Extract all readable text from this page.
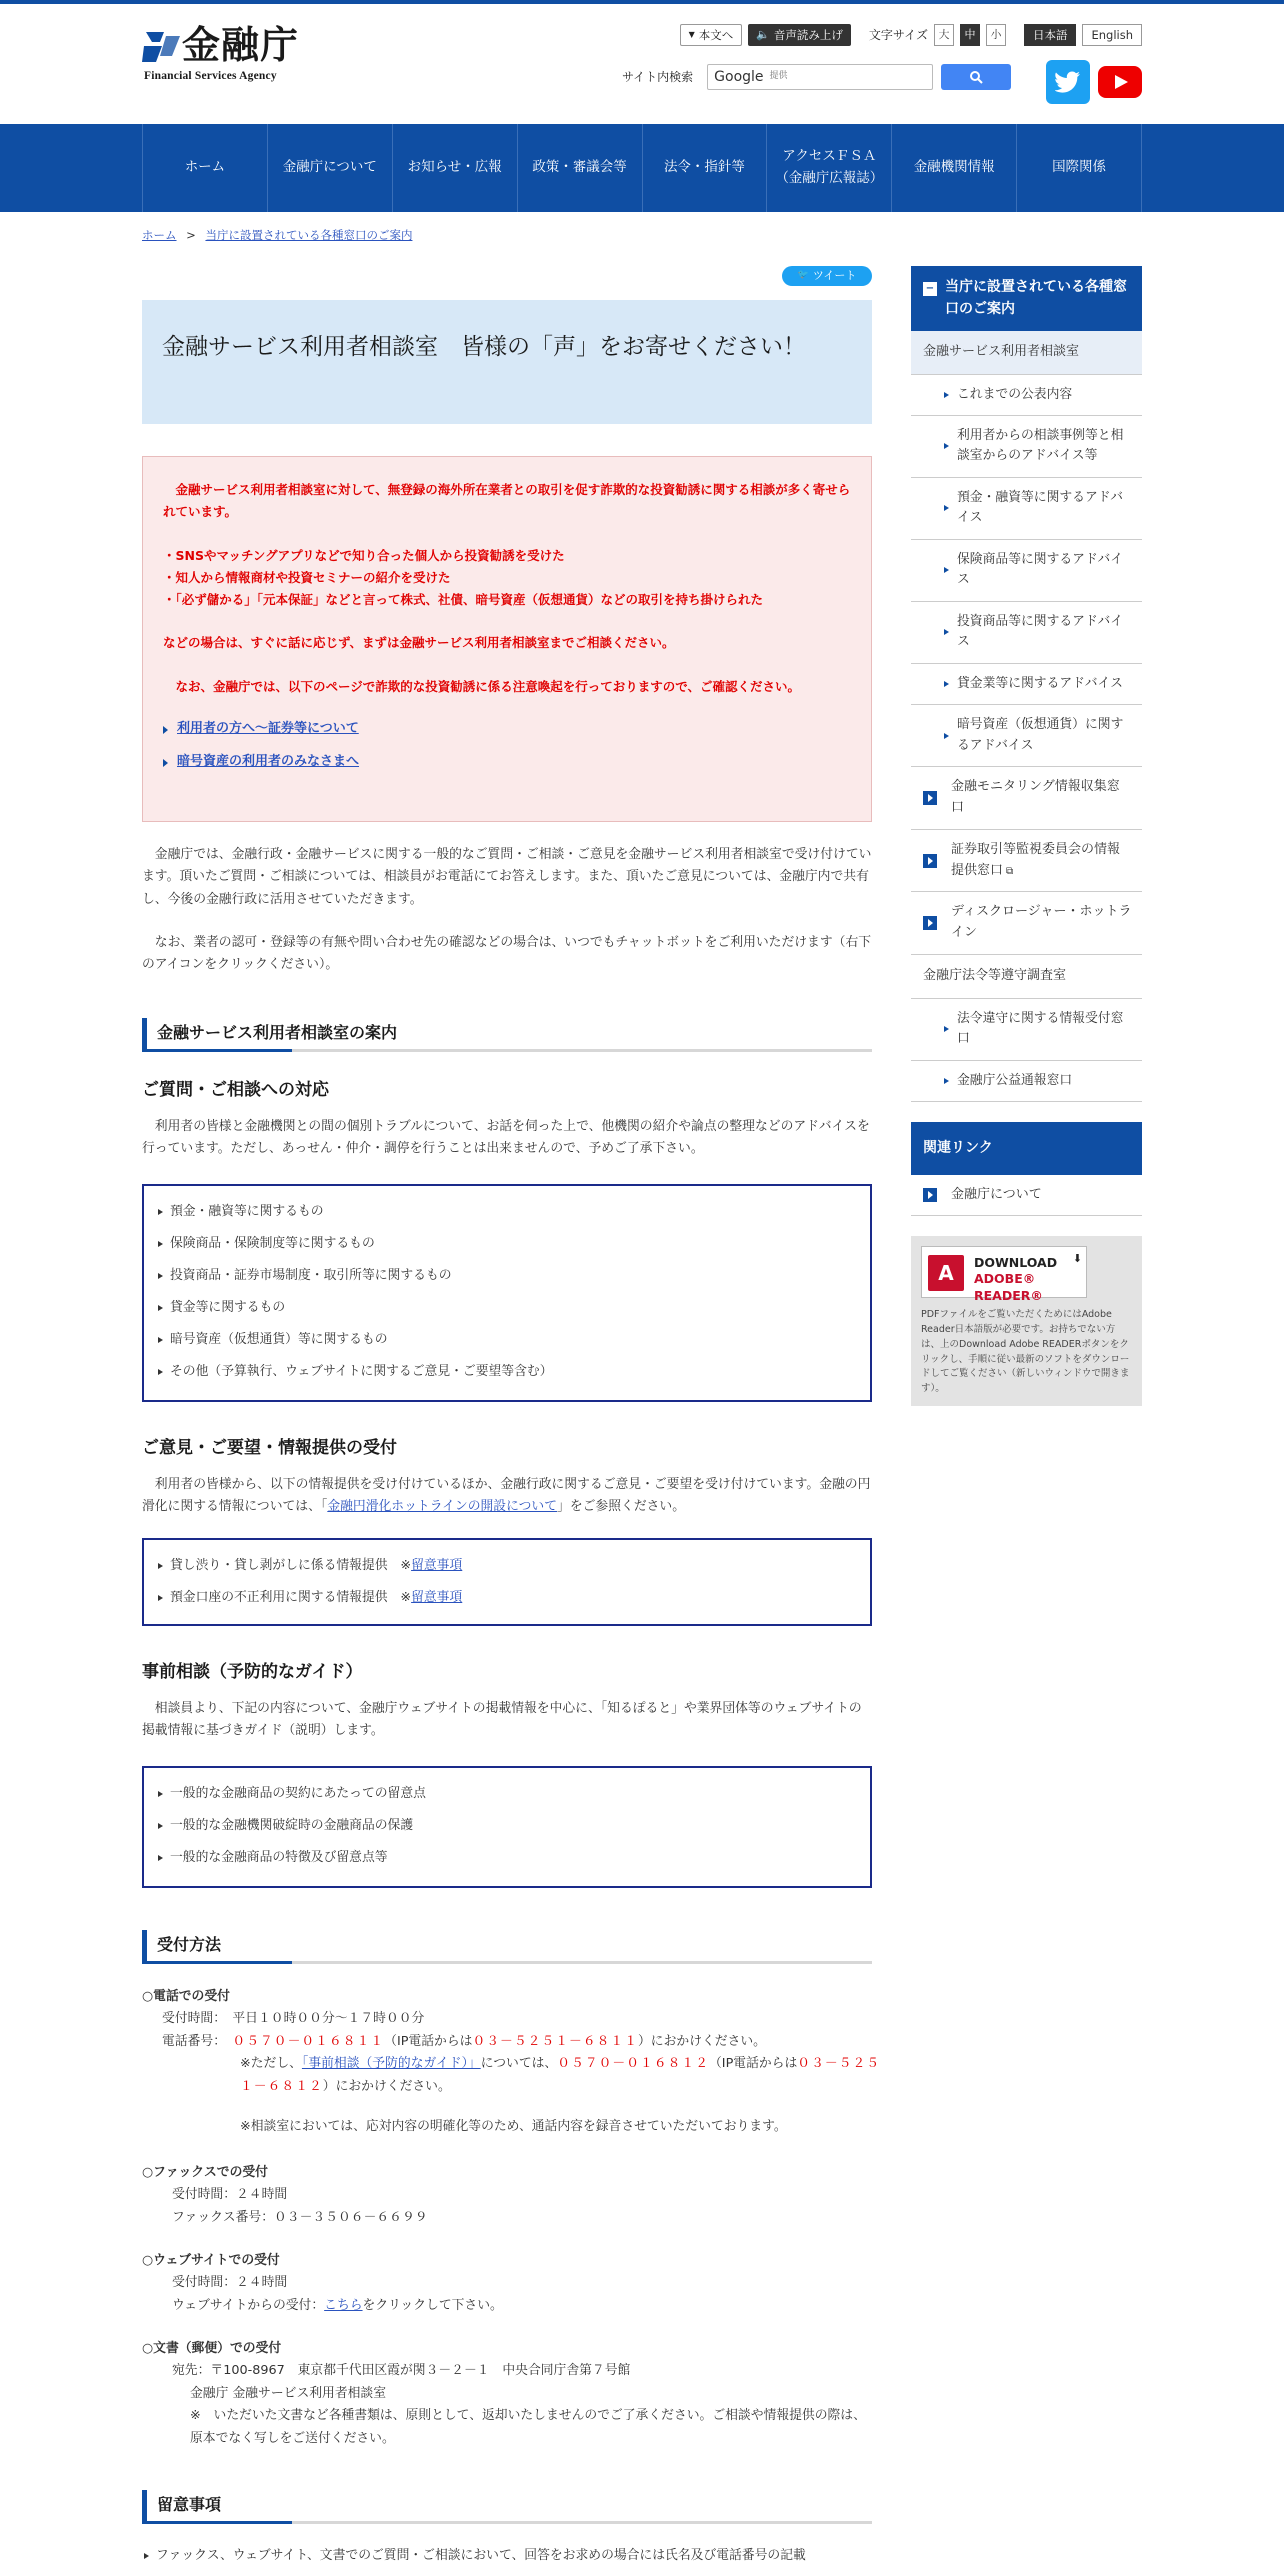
金融庁
Financial Services Agency
▼ 本文へ 🔈 音声読み上げ 文字サイズ 大	中	小	日本語	English
サイト内検索 Google 提供
ホーム	金融庁について	お知らせ・広報	政策・審議会等	法令・指針等
アクセスＦＳＡ
（金融庁広報誌）
金融機関情報	国際関係
ホーム > 当庁に設置されている各種窓口のご案内
🐦 ツイート
金融サービス利用者相談室　皆様の「声」をお寄せください！

　金融サービス利用者相談室に対して、無登録の海外所在業者との取引を促す詐欺的な投資勧誘に関する相談が多く寄せられています。

・SNSやマッチングアプリなどで知り合った個人から投資勧誘を受けた

・知人から情報商材や投資セミナーの紹介を受けた

・「必ず儲かる」「元本保証」などと言って株式、社債、暗号資産（仮想通貨）などの取引を持ち掛けられた

などの場合は、すぐに話に応じず、まずは金融サービス利用者相談室までご相談ください。

　なお、金融庁では、以下のページで詐欺的な投資勧誘に係る注意喚起を行っておりますので、ご確認ください。

利用者の方へ～証券等について
暗号資産の利用者のみなさまへ

　金融庁では、金融行政・金融サービスに関する一般的なご質問・ご相談・ご意見を金融サービス利用者相談室で受け付けています。頂いたご質問・ご相談については、相談員がお電話にてお答えします。また、頂いたご意見については、金融庁内で共有し、今後の金融行政に活用させていただきます。

　なお、業者の認可・登録等の有無や問い合わせ先の確認などの場合は、いつでもチャットボットをご利用いただけます（右下のアイコンをクリックください）。

金融サービス利用者相談室の案内
ご質問・ご相談への対応

　利用者の皆様と金融機関との間の個別トラブルについて、お話を伺った上で、他機関の紹介や論点の整理などのアドバイスを行っています。ただし、あっせん・仲介・調停を行うことは出来ませんので、予めご了承下さい。

預金・融資等に関するもの
保険商品・保険制度等に関するもの
投資商品・証券市場制度・取引所等に関するもの
貸金等に関するもの
暗号資産（仮想通貨）等に関するもの
その他（予算執行、ウェブサイトに関するご意見・ご要望等含む）
ご意見・ご要望・情報提供の受付

　利用者の皆様から、以下の情報提供を受け付けているほか、金融行政に関するご意見・ご要望を受け付けています。金融の円滑化に関する情報については、「金融円滑化ホットラインの開設について」をご参照ください。

貸し渋り・貸し剥がしに係る情報提供　※留意事項
預金口座の不正利用に関する情報提供　※留意事項
事前相談（予防的なガイド）

　相談員より、下記の内容について、金融庁ウェブサイトの掲載情報を中心に、「知るぽると」や業界団体等のウェブサイトの掲載情報に基づきガイド（説明）します。

一般的な金融商品の契約にあたっての留意点
一般的な金融機関破綻時の金融商品の保護
一般的な金融商品の特徴及び留意点等
受付方法
○電話での受付
受付時間：　平日１０時００分～１７時００分
電話番号：　０５７０－０１６８１１（IP電話からは０３－５２５１－６８１１）におかけください。
※ただし、「事前相談（予防的なガイド）」については、０５７０－０１６８１２（IP電話からは０３－５２５１－６８１２）におかけください。
※相談室においては、応対内容の明確化等のため、通話内容を録音させていただいております。
○ファックスでの受付
受付時間：２４時間
ファックス番号：０３－３５０６－６６９９
○ウェブサイトでの受付
受付時間：２４時間
ウェブサイトからの受付：こちらをクリックして下さい。
○文書（郵便）での受付
宛先：〒100-8967　東京都千代田区霞が関３－２－１　中央合同庁舎第７号館
金融庁 金融サービス利用者相談室
※　いただいた文書など各種書類は、原則として、返却いたしませんのでご了承ください。ご相談や情報提供の際は、原本でなく写しをご送付ください。
留意事項
ファックス、ウェブサイト、文書でのご質問・ご相談において、回答をお求めの場合には氏名及び電話番号の記載
− 当庁に設置されている各種窓口のご案内
金融サービス利用者相談室
これまでの公表内容
利用者からの相談事例等と相談室からのアドバイス等
預金・融資等に関するアドバイス
保険商品等に関するアドバイス
投資商品等に関するアドバイス
貸金業等に関するアドバイス
暗号資産（仮想通貨）に関するアドバイス
金融モニタリング情報収集窓口
証券取引等監視委員会の情報提供窓口 ⧉
ディスクロージャー・ホットライン
金融庁法令等遵守調査室
法令違守に関する情報受付窓口
金融庁公益通報窓口
関連リンク
金融庁について
A	DOWNLOAD
ADOBE® READER®
⬇

PDFファイルをご覧いただくためにはAdobe Reader日本語版が必要です。お持ちでない方は、上のDownload Adobe READERボタンをクリックし、手順に従い最新のソフトをダウンロードしてご覧ください（新しいウィンドウで開きます）。
